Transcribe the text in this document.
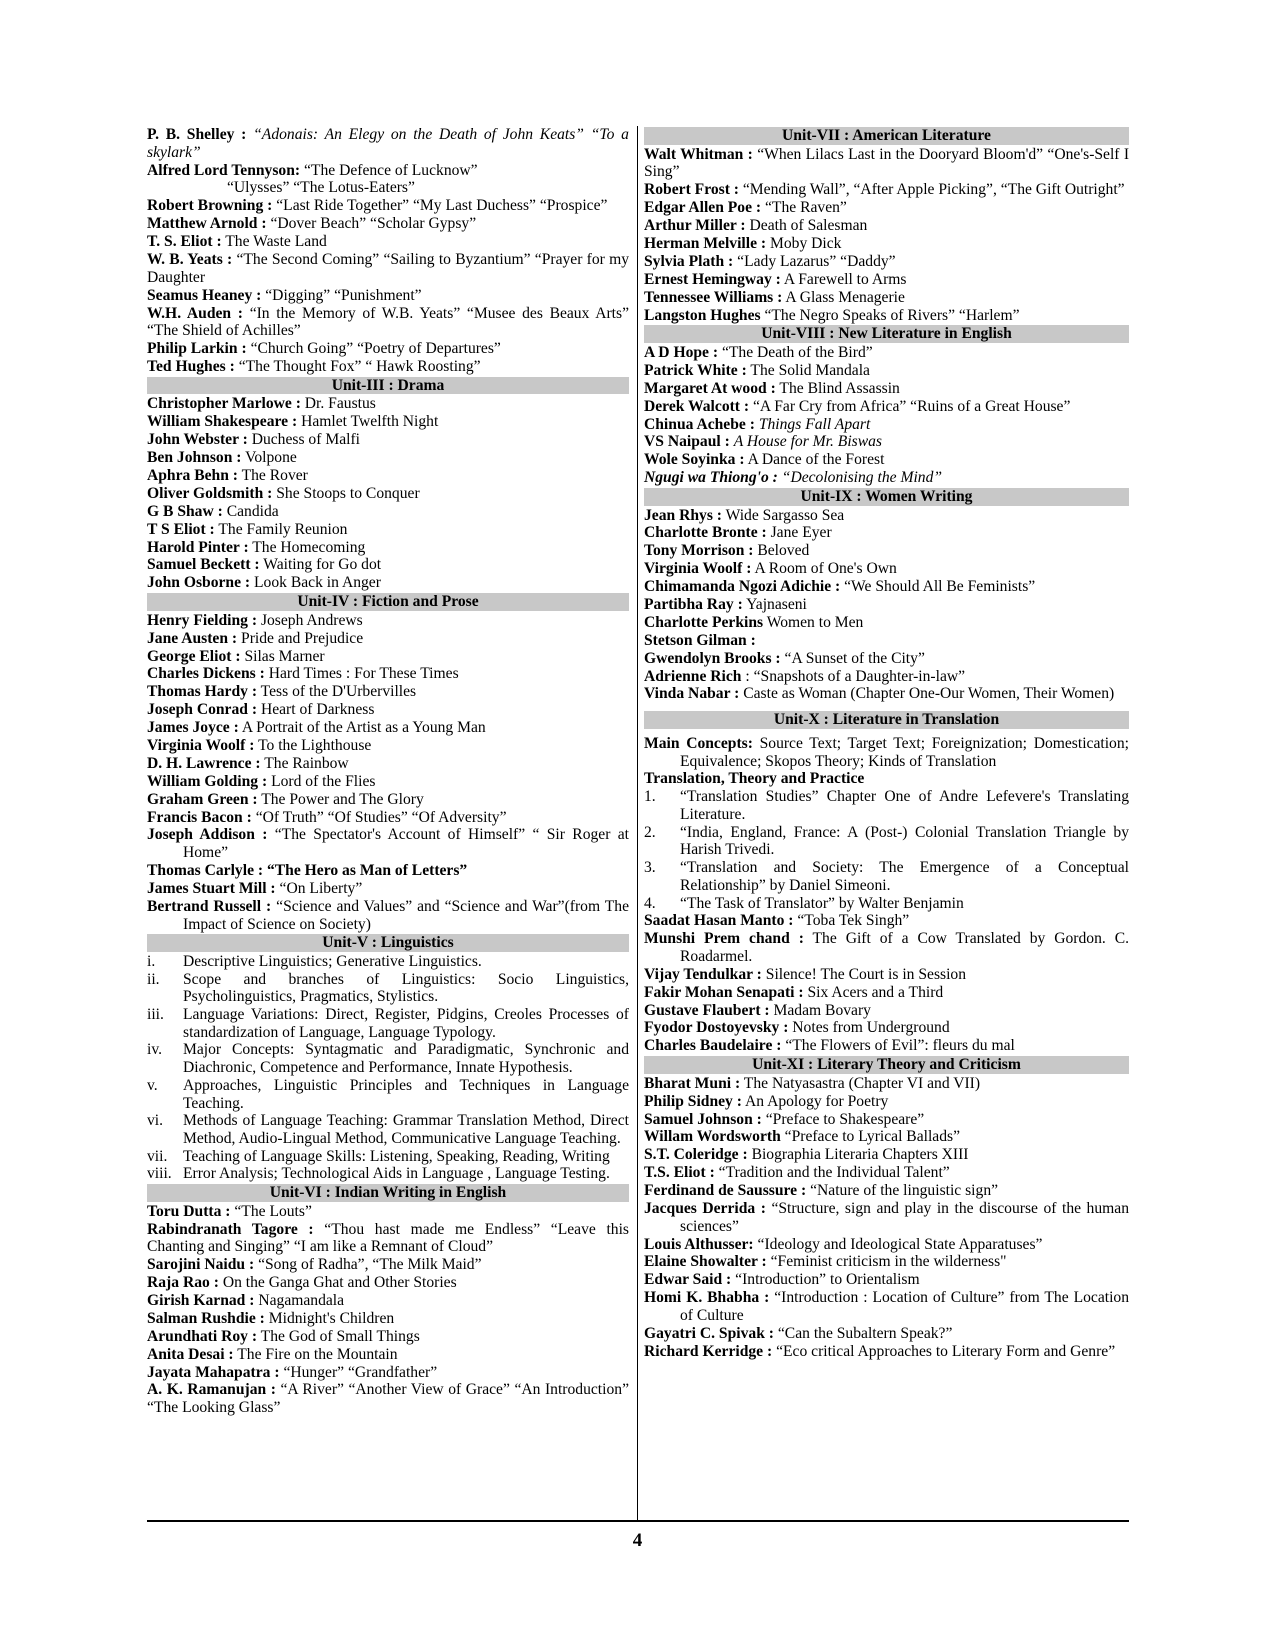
P. B. Shelley : “Adonais: An Elegy on the Death of John Keats” “To a skylark”
Alfred Lord Tennyson: “The Defence of Lucknow”
“Ulysses” “The Lotus-Eaters”
Robert Browning : “Last Ride Together” “My Last Duchess” “Prospice”
Matthew Arnold : “Dover Beach” “Scholar Gypsy”
T. S. Eliot : The Waste Land
W. B. Yeats : “The Second Coming” “Sailing to Byzantium” “Prayer for my Daughter
Seamus Heaney : “Digging” “Punishment”
W.H. Auden : “In the Memory of W.B. Yeats” “Musee des Beaux Arts” “The Shield of Achilles”
Philip Larkin : “Church Going” “Poetry of Departures”
Ted Hughes : “The Thought Fox” “ Hawk Roosting”
Unit-III : Drama
Christopher Marlowe : Dr. Faustus
William Shakespeare : Hamlet Twelfth Night
John Webster : Duchess of Malfi
Ben Johnson : Volpone
Aphra Behn : The Rover
Oliver Goldsmith : She Stoops to Conquer
G B Shaw : Candida
T S Eliot : The Family Reunion
Harold Pinter : The Homecoming
Samuel Beckett : Waiting for Go dot
John Osborne : Look Back in Anger
Unit-IV : Fiction and Prose
Henry Fielding : Joseph Andrews
Jane Austen : Pride and Prejudice
George Eliot : Silas Marner
Charles Dickens : Hard Times : For These Times
Thomas Hardy : Tess of the D'Urbervilles
Joseph Conrad : Heart of Darkness
James Joyce : A Portrait of the Artist as a Young Man
Virginia Woolf : To the Lighthouse
D. H. Lawrence : The Rainbow
William Golding : Lord of the Flies
Graham Green : The Power and The Glory
Francis Bacon : “Of Truth” “Of Studies” “Of Adversity”
Joseph Addison : “The Spectator's Account of Himself” “ Sir Roger at Home”
Thomas Carlyle : “The Hero as Man of Letters”
James Stuart Mill : “On Liberty”
Bertrand Russell : “Science and Values” and “Science and War”(from The Impact of Science on Society)
Unit-V : Linguistics
i.	Descriptive Linguistics; Generative Linguistics.
ii.	Scope and branches of Linguistics: Socio Linguistics, Psycholinguistics, Pragmatics, Stylistics.
iii.	Language Variations: Direct, Register, Pidgins, Creoles Processes of standardization of Language, Language Typology.
iv.	Major Concepts: Syntagmatic and Paradigmatic, Synchronic and Diachronic, Competence and Performance, Innate Hypothesis.
v.	Approaches, Linguistic Principles and Techniques in Language Teaching.
vi.	Methods of Language Teaching: Grammar Translation Method, Direct Method, Audio-Lingual Method, Communicative Language Teaching.
vii.	Teaching of Language Skills: Listening, Speaking, Reading, Writing
viii. Error Analysis; Technological Aids in Language , Language Testing.
Unit-VI : Indian Writing in English
Toru Dutta : “The Louts”
Rabindranath Tagore : “Thou hast made me Endless” “Leave this Chanting and Singing” “I am like a Remnant of Cloud”
Sarojini Naidu : “Song of Radha”, “The Milk Maid”
Raja Rao : On the Ganga Ghat and Other Stories
Girish Karnad : Nagamandala
Salman Rushdie : Midnight's Children
Arundhati Roy : The God of Small Things
Anita Desai : The Fire on the Mountain
Jayata Mahapatra : “Hunger” “Grandfather”
A. K. Ramanujan : “A River” “Another View of Grace” “An Introduction” “The Looking Glass”
Unit-VII : American Literature
Walt Whitman : “When Lilacs Last in the Dooryard Bloom'd” “One's-Self I Sing”
Robert Frost : “Mending Wall”, “After Apple Picking”, “The Gift Outright”
Edgar Allen Poe : “The Raven”
Arthur Miller : Death of Salesman
Herman Melville : Moby Dick
Sylvia Plath : “Lady Lazarus” “Daddy”
Ernest Hemingway : A Farewell to Arms
Tennessee Williams : A Glass Menagerie
Langston Hughes “The Negro Speaks of Rivers” “Harlem”
Unit-VIII : New Literature in English
A D Hope : “The Death of the Bird”
Patrick White : The Solid Mandala
Margaret At wood : The Blind Assassin
Derek Walcott : “A Far Cry from Africa” “Ruins of a Great House”
Chinua Achebe : Things Fall Apart
VS Naipaul : A House for Mr. Biswas
Wole Soyinka : A Dance of the Forest
Ngugi wa Thiong'o : “Decolonising the Mind”
Unit-IX : Women Writing
Jean Rhys : Wide Sargasso Sea
Charlotte Bronte : Jane Eyer
Tony Morrison : Beloved
Virginia Woolf : A Room of One's Own
Chimamanda Ngozi Adichie : “We Should All Be Feminists”
Partibha Ray : Yajnaseni
Charlotte Perkins Women to Men
Stetson Gilman :
Gwendolyn Brooks : “A Sunset of the City”
Adrienne Rich : “Snapshots of a Daughter-in-law”
Vinda Nabar : Caste as Woman (Chapter One-Our Women, Their Women)
Unit-X : Literature in Translation
Main Concepts: Source Text; Target Text; Foreignization; Domestication; Equivalence; Skopos Theory; Kinds of Translation
Translation, Theory and Practice
1.	“Translation Studies” Chapter One of Andre Lefevere's Translating Literature.
2.	“India, England, France: A (Post-) Colonial Translation Triangle by Harish Trivedi.
3.	“Translation and Society: The Emergence of a Conceptual Relationship” by Daniel Simeoni.
4.	“The Task of Translator” by Walter Benjamin
Saadat Hasan Manto : “Toba Tek Singh”
Munshi Prem chand : The Gift of a Cow Translated by Gordon. C. Roadarmel.
Vijay Tendulkar : Silence! The Court is in Session
Fakir Mohan Senapati : Six Acers and a Third
Gustave Flaubert : Madam Bovary
Fyodor Dostoyevsky : Notes from Underground
Charles Baudelaire : “The Flowers of Evil”: fleurs du mal
Unit-XI : Literary Theory and Criticism
Bharat Muni : The Natyasastra (Chapter VI and VII)
Philip Sidney : An Apology for Poetry
Samuel Johnson : “Preface to Shakespeare”
Willam Wordsworth “Preface to Lyrical Ballads”
S.T. Coleridge : Biographia Literaria Chapters XIII
T.S. Eliot : “Tradition and the Individual Talent”
Ferdinand de Saussure : “Nature of the linguistic sign”
Jacques Derrida : “Structure, sign and play in the discourse of the human sciences”
Louis Althusser: “Ideology and Ideological State Apparatuses”
Elaine Showalter : “Feminist criticism in the wilderness"
Edwar Said : “Introduction” to Orientalism
Homi K. Bhabha : “Introduction : Location of Culture” from The Location of Culture
Gayatri C. Spivak : “Can the Subaltern Speak?”
Richard Kerridge : “Eco critical Approaches to Literary Form and Genre”
4
